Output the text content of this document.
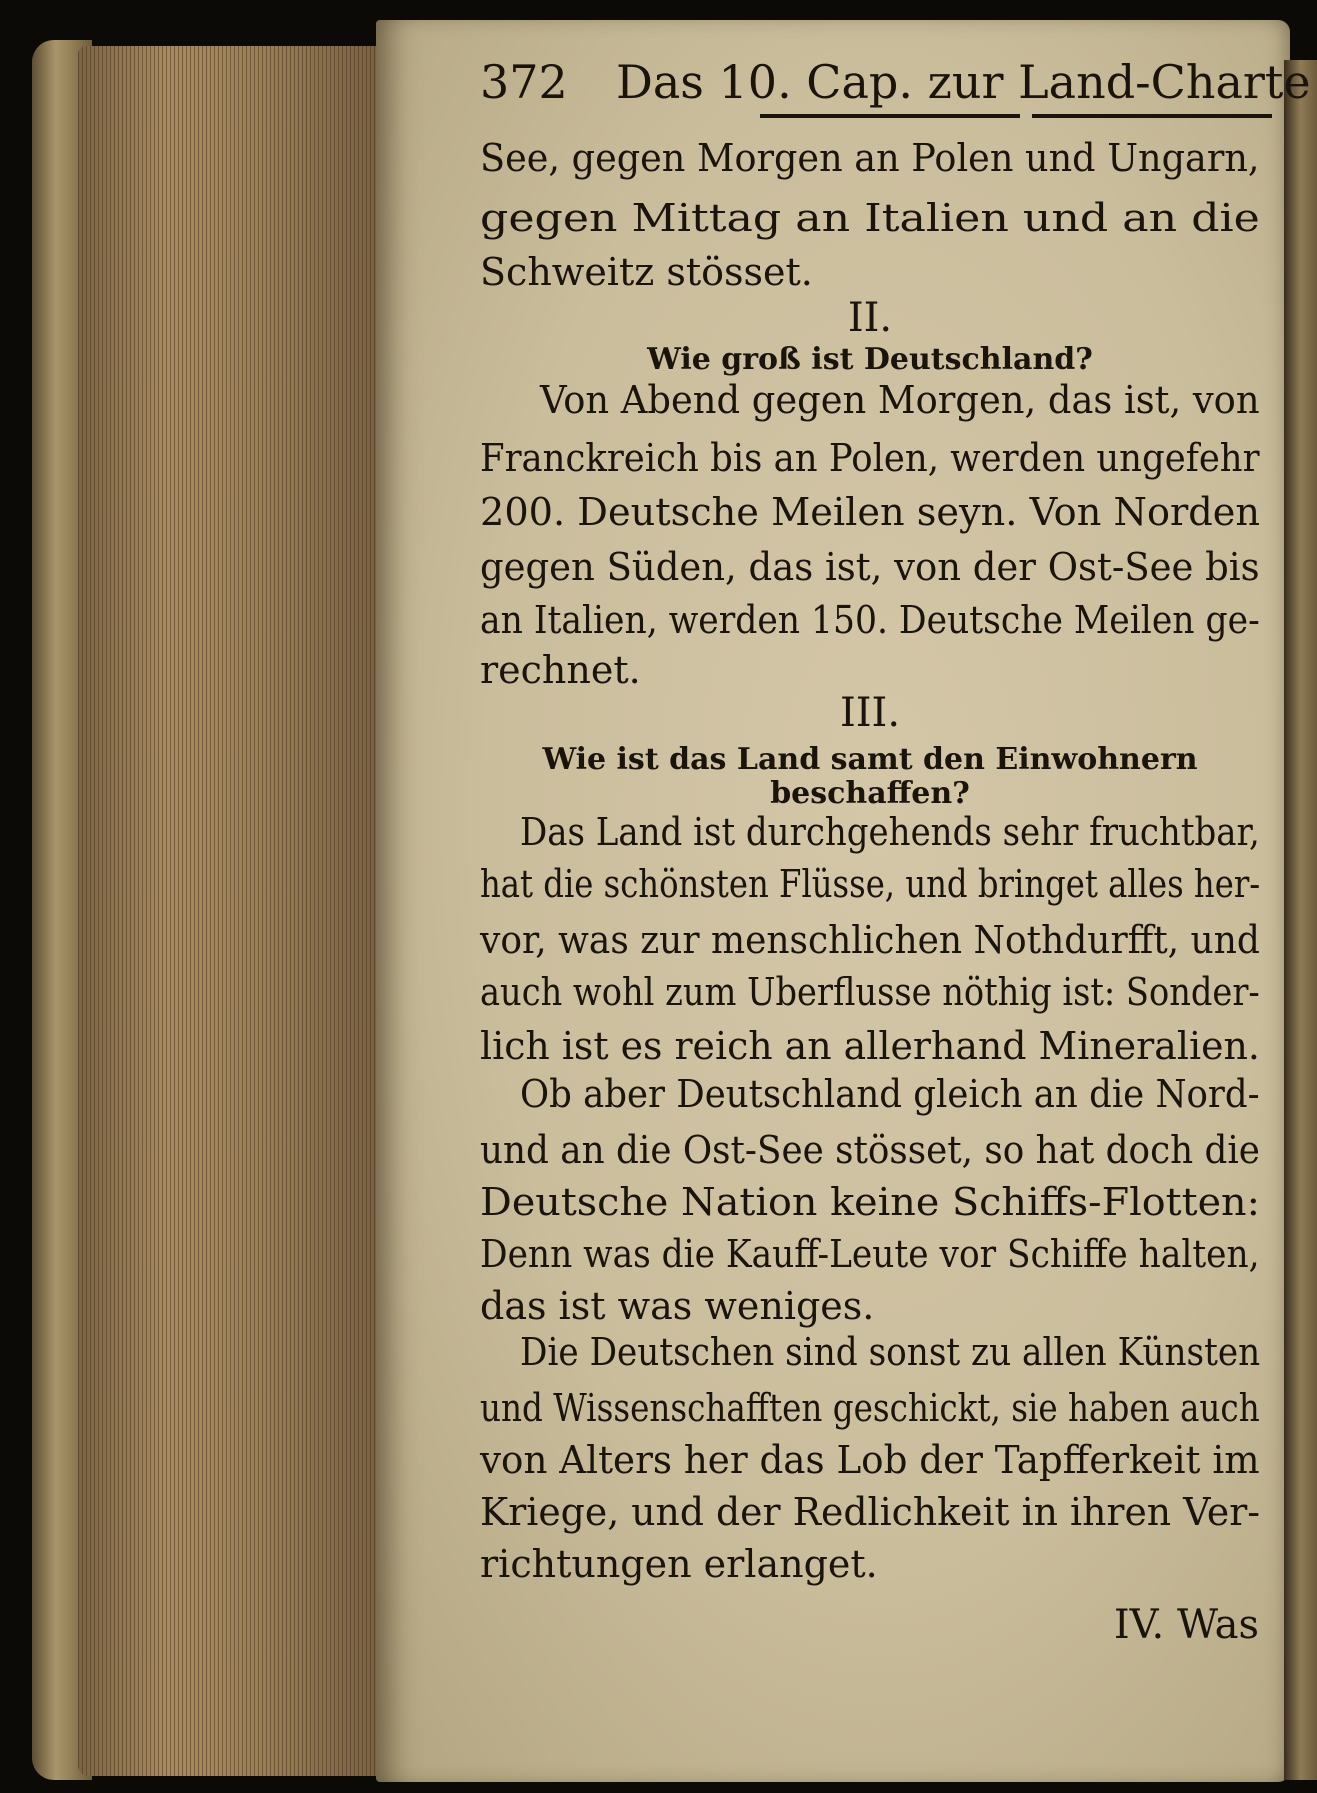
372 Das 10. Cap. zur Land-Charte
See, gegen Morgen an Polen und Ungarn,
gegen Mittag an Italien und an die
Schweitz stösset.
II.
Wie groß ist Deutschland?
Von Abend gegen Morgen, das ist, von
Franckreich bis an Polen, werden ungefehr
200. Deutsche Meilen seyn. Von Norden
gegen Süden, das ist, von der Ost-See bis
an Italien, werden 150. Deutsche Meilen ge-
rechnet.
III.
Wie ist das Land samt den Einwohnern
beschaffen?
Das Land ist durchgehends sehr fruchtbar,
hat die schönsten Flüsse, und bringet alles her-
vor, was zur menschlichen Nothdurfft, und
auch wohl zum Uberflusse nöthig ist: Sonder-
lich ist es reich an allerhand Mineralien.
Ob aber Deutschland gleich an die Nord-
und an die Ost-See stösset, so hat doch die
Deutsche Nation keine Schiffs-Flotten:
Denn was die Kauff-Leute vor Schiffe halten,
das ist was weniges.
Die Deutschen sind sonst zu allen Künsten
und Wissenschafften geschickt, sie haben auch
von Alters her das Lob der Tapfferkeit im
Kriege, und der Redlichkeit in ihren Ver-
richtungen erlanget.
IV. Was
